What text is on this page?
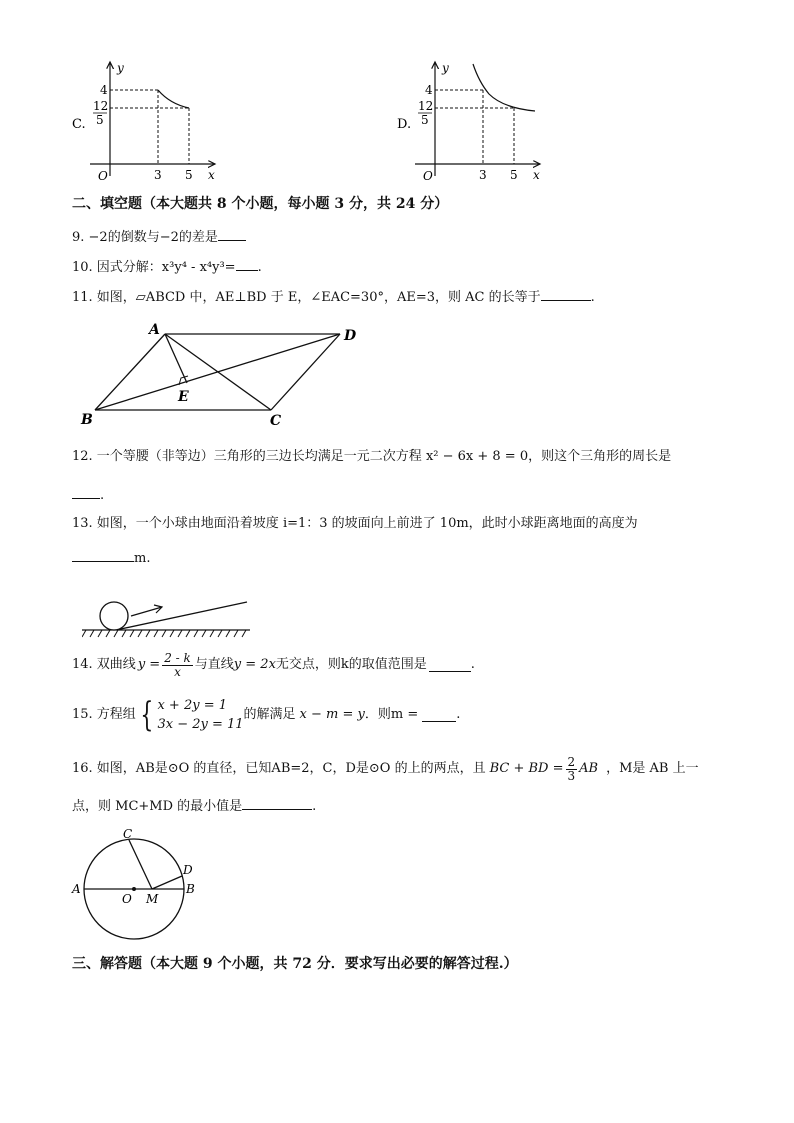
y
x
O
4
12
5
3 5
C.
y
x
O
4
12
5
3 5
D.
二、填空题（本大题共 8 个小题，每小题 3 分，共 24 分）
9. −2的倒数与−2的差是
10. 因式分解：x³y⁴ - x⁴y³= .
11. 如图，▱ABCD 中，AE⊥BD 于 E，∠EAC=30°，AE=3，则 AC 的长等于	.
A	D
B	C
E
12. 一个等腰（非等边）三角形的三边长均满足一元二次方程 x² − 6x + 8 = 0，则这个三角形的周长是
.
13. 如图，一个小球由地面沿着坡度 i=1：3 的坡面向上前进了 10m，此时小球距离地面的高度为
m.
14. 双曲线 $y = \frac{2 - k}{x}$ 与直线 y = 2x 无交点，则k的取值范围是	.
15. 方程组 { x + 2y = 1
3x − 2y = 11
的解满足 x − m = y ．则m =	.
16. 如图，AB是⊙O 的直径，已知AB=2，C，D是⊙O 的上的两点，且 BC + BD = $\frac{2}{3}$ AB ，M是 AB 上一
点，则 MC+MD 的最小值是	.
C
D
A
O M
B
三、解答题（本大题 9 个小题，共 72 分．要求写出必要的解答过程.）
